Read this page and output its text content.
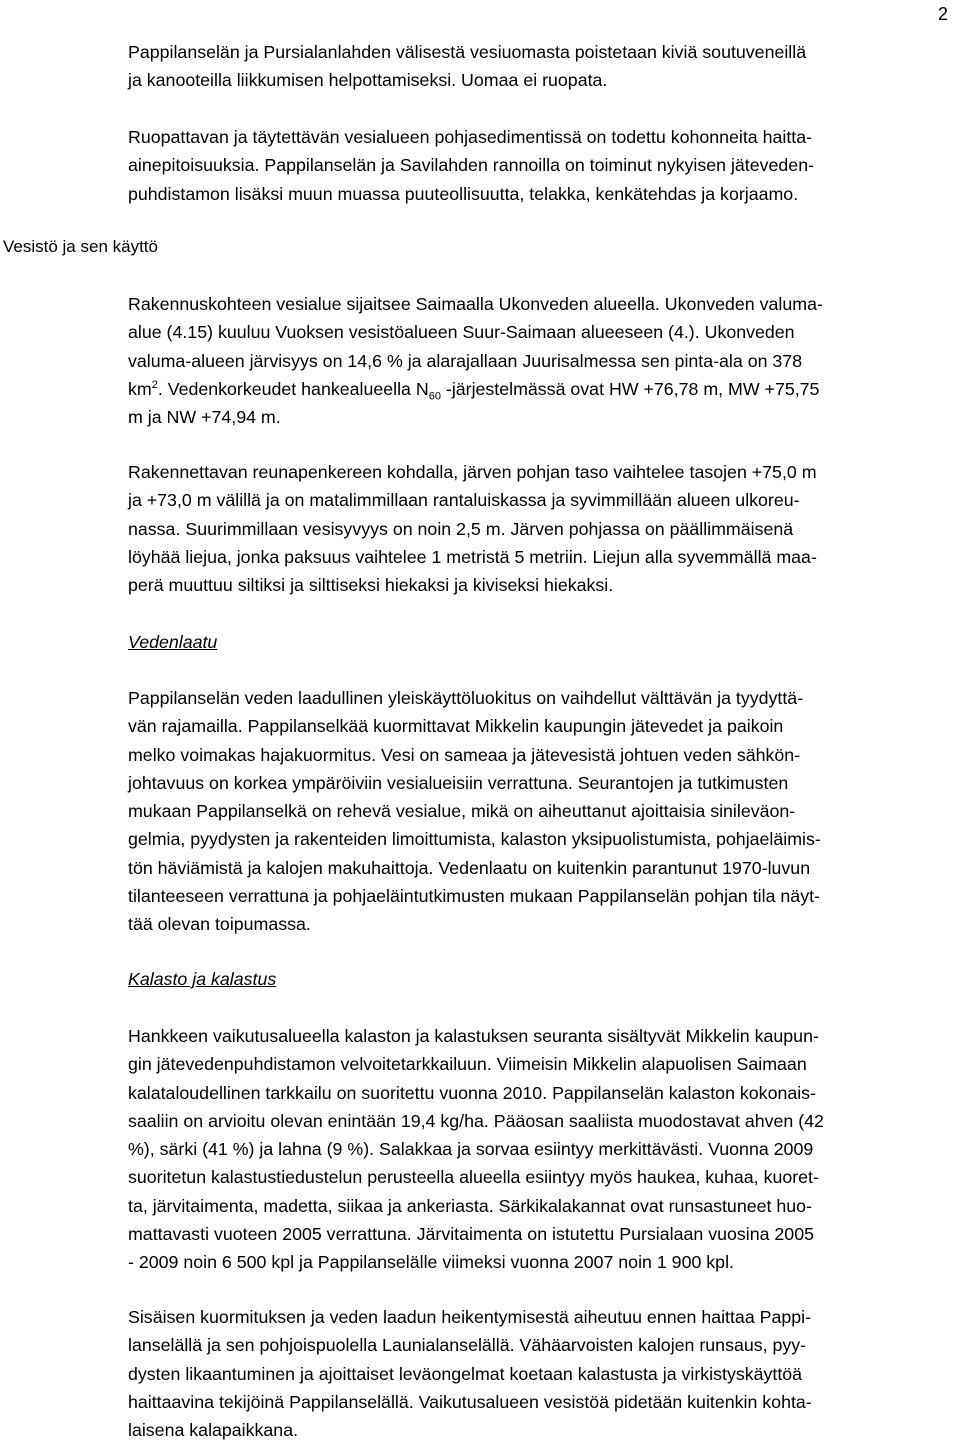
2
Vesistö ja sen käyttö

Pappilanselän ja Pursialanlahden välisestä vesiuomasta poistetaan kiviä soutuveneillä
ja kanooteilla liikkumisen helpottamiseksi. Uomaa ei ruopata.

Ruopattavan ja täytettävän vesialueen pohjasedimentissä on todettu kohonneita haitta-
ainepitoisuuksia. Pappilanselän ja Savilahden rannoilla on toiminut nykyisen jäteveden-
puhdistamon lisäksi muun muassa puuteollisuutta, telakka, kenkätehdas ja korjaamo.

Rakennuskohteen vesialue sijaitsee Saimaalla Ukonveden alueella. Ukonveden valuma-
alue (4.15) kuuluu Vuoksen vesistöalueen Suur-Saimaan alueeseen (4.). Ukonveden
valuma-alueen järvisyys on 14,6 % ja alarajallaan Juurisalmessa sen pinta-ala on 378
$km^2$. Vedenkorkeudet hankealueella $N_{60}$ -järjestelmässä ovat HW +76,78 m, MW +75,75
m ja NW +74,94 m.

Rakennettavan reunapenkereen kohdalla, järven pohjan taso vaihtelee tasojen +75,0 m
ja +73,0 m välillä ja on matalimmillaan rantaluiskassa ja syvimmillään alueen ulkoreu-
nassa. Suurimmillaan vesisyvyys on noin 2,5 m. Järven pohjassa on päällimmäisenä
löyhää liejua, jonka paksuus vaihtelee 1 metristä 5 metriin. Liejun alla syvemmällä maa-
perä muuttuu siltiksi ja silttiseksi hiekaksi ja kiviseksi hiekaksi.

Vedenlaatu

Pappilanselän veden laadullinen yleiskäyttöluokitus on vaihdellut välttävän ja tyydyttä-
vän rajamailla. Pappilanselkää kuormittavat Mikkelin kaupungin jätevedet ja paikoin
melko voimakas hajakuormitus. Vesi on sameaa ja jätevesistä johtuen veden sähkön-
johtavuus on korkea ympäröiviin vesialueisiin verrattuna. Seurantojen ja tutkimusten
mukaan Pappilanselkä on rehevä vesialue, mikä on aiheuttanut ajoittaisia sinileväon-
gelmia, pyydysten ja rakenteiden limoittumista, kalaston yksipuolistumista, pohjaeläimis-
tön häviämistä ja kalojen makuhaittoja. Vedenlaatu on kuitenkin parantunut 1970-luvun
tilanteeseen verrattuna ja pohjaeläintutkimusten mukaan Pappilanselän pohjan tila näyt-
tää olevan toipumassa.

Kalasto ja kalastus

Hankkeen vaikutusalueella kalaston ja kalastuksen seuranta sisältyvät Mikkelin kaupun-
gin jätevedenpuhdistamon velvoitetarkkailuun. Viimeisin Mikkelin alapuolisen Saimaan
kalataloudellinen tarkkailu on suoritettu vuonna 2010. Pappilanselän kalaston kokonais-
saaliin on arvioitu olevan enintään 19,4 kg/ha. Pääosan saaliista muodostavat ahven (42
%), särki (41 %) ja lahna (9 %). Salakkaa ja sorvaa esiintyy merkittävästi. Vuonna 2009
suoritetun kalastustiedustelun perusteella alueella esiintyy myös haukea, kuhaa, kuoret-
ta, järvitaimenta, madetta, siikaa ja ankeriasta. Särkikalakannat ovat runsastuneet huo-
mattavasti vuoteen 2005 verrattuna. Järvitaimenta on istutettu Pursialaan vuosina 2005
- 2009 noin 6 500 kpl ja Pappilanselälle viimeksi vuonna 2007 noin 1 900 kpl.

Sisäisen kuormituksen ja veden laadun heikentymisestä aiheutuu ennen haittaa Pappi-
lanselällä ja sen pohjoispuolella Launialanselällä. Vähäarvoisten kalojen runsaus, pyy-
dysten likaantuminen ja ajoittaiset leväongelmat koetaan kalastusta ja virkistyskäyttöä
haittaavina tekijöinä Pappilanselällä. Vaikutusalueen vesistöä pidetään kuitenkin kohta-
laisena kalapaikkana.
